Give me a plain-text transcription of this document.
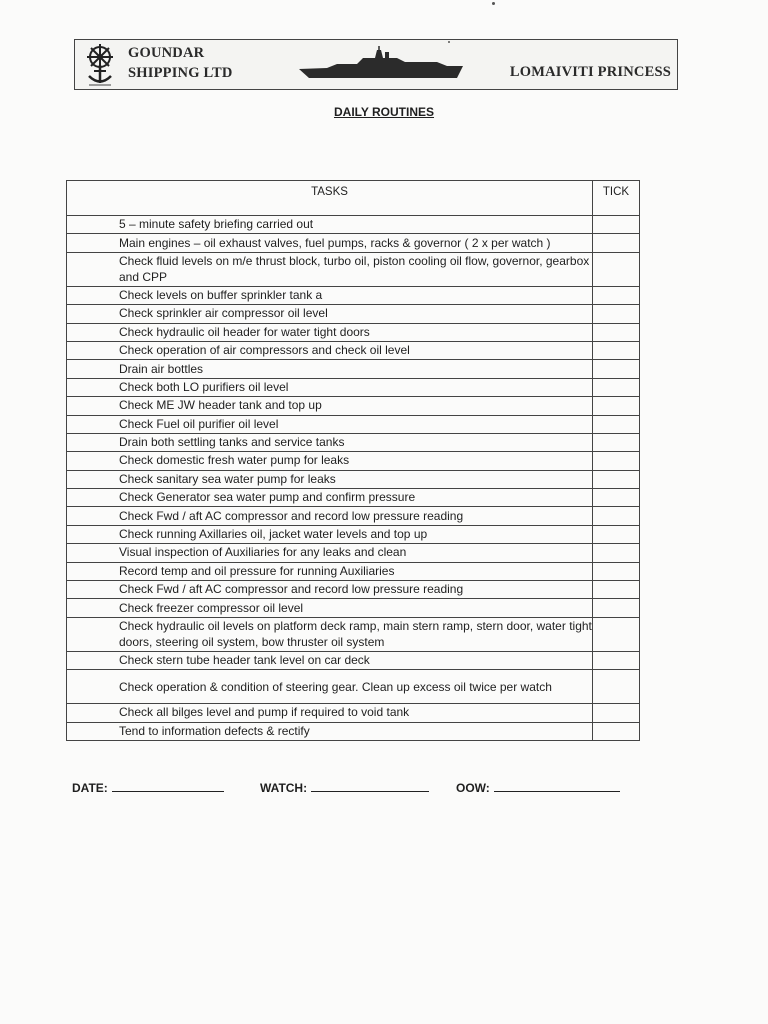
GOUNDAR
SHIPPING LTD	LOMAIVITI PRINCESS
DAILY ROUTINES
TASKS	TICK
5 – minute safety briefing carried out	
Main engines – oil exhaust valves, fuel pumps, racks & governor ( 2 x per watch )	
Check fluid levels on m/e thrust block, turbo oil, piston cooling oil flow, governor, gearbox and CPP	
Check levels on buffer sprinkler tank a	
Check sprinkler air compressor oil level	
Check hydraulic oil header for water tight doors	
Check operation of air compressors and check oil level	
Drain air bottles	
Check both LO purifiers oil level	
Check ME JW header tank and top up	
Check Fuel oil purifier oil level	
Drain both settling tanks and service tanks	
Check domestic fresh water pump for leaks	
Check sanitary sea water pump for leaks	
Check Generator sea water pump and confirm pressure	
Check Fwd / aft AC compressor and record low pressure reading	
Check running Axillaries oil, jacket water levels and top up	
Visual inspection of Auxiliaries for any leaks and clean	
Record temp and oil pressure for running Auxiliaries	
Check Fwd / aft AC compressor and record low pressure reading	
Check freezer compressor oil level	
Check hydraulic oil levels on platform deck ramp, main stern ramp, stern door, water tight doors, steering oil system, bow thruster oil system	
Check stern tube header tank level on car deck	
Check operation & condition of steering gear. Clean up excess oil twice per watch	
Check all bilges level and pump if required to void tank	
Tend to information defects & rectify	
DATE:	WATCH:	OOW:
